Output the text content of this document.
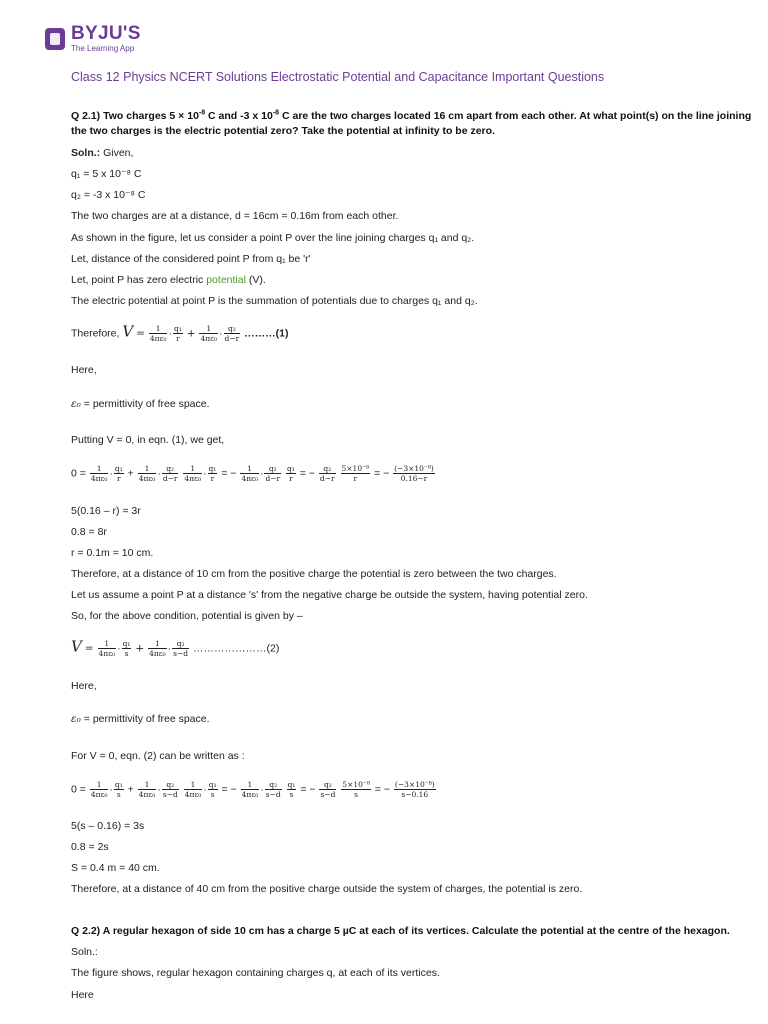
BYJU'S
The Learning App
Class 12 Physics NCERT Solutions Electrostatic Potential and Capacitance Important Questions
Q 2.1) Two charges $5 \times 10^{-8}$ C and -3 x $10^{-8}$ C are the two charges located 16 cm apart from each other. At what point(s) on the line joining
the two charges is the electric potential zero? Take the potential at infinity to be zero.
Soln.: Given,
q₁ = 5 x 10⁻⁸ C
q₂ = -3 x 10⁻⁸ C
The two charges are at a distance, d = 16cm = 0.16m from each other.
As shown in the figure, let us consider a point P over the line joining charges q₁ and q₂.
Let, distance of the considered point P from q₁ be 'r'
Let, point P has zero electric potential (V).
The electric potential at point P is the summation of potentials due to charges q₁ and q₂.
Therefore, $V = \frac{1}{\text{4πε₀}} \cdot \frac{\text{q₁}}{r} + \frac{1}{\text{4πε₀}} \cdot \frac{\text{q₂}}{d-r}$ ………(1)
Here,
ε₀ = permittivity of free space.
Putting V = 0, in eqn. (1), we get,
$0 = \frac{1}{\text{4πε₀}} \cdot \frac{\text{q₁}}{r} + \frac{1}{\text{4πε₀}} \cdot \frac{\text{q₂}}{d-r}$
$\frac{1}{\text{4πε₀}} \cdot \frac{\text{q₁}}{r}$ = − $\frac{1}{\text{4πε₀}} \cdot \frac{\text{q₂}}{d-r}$
$\frac{\text{q₁}}{r}$ = − $\frac{\text{q₂}}{d-r}$
$\frac{\text{5×10⁻⁸}}{r}$ = − $\frac{\text{(−3×10⁻⁸)}}{0.16-r}$
5(0.16 – r) = 3r
0.8 = 8r
r = 0.1m = 10 cm.
Therefore, at a distance of 10 cm from the positive charge the potential is zero between the two charges.
Let us assume a point P at a distance 's' from the negative charge be outside the system, having potential zero.
So, for the above condition, potential is given by –
$V = \frac{1}{\text{4πε₀}} \cdot \frac{\text{q₁}}{s} + \frac{1}{\text{4πε₀}} \cdot \frac{\text{q₂}}{s-d}$ …………………(2)
Here,
ε₀ = permittivity of free space.
For V = 0, eqn. (2) can be written as :
$0 = \frac{1}{\text{4πε₀}} \cdot \frac{\text{q₁}}{s} + \frac{1}{\text{4πε₀}} \cdot \frac{\text{q₂}}{s-d}$
$\frac{1}{\text{4πε₀}} \cdot \frac{\text{q₁}}{s}$ = − $\frac{1}{\text{4πε₀}} \cdot \frac{\text{q₂}}{s-d}$
$\frac{\text{q₁}}{s}$ = − $\frac{\text{q₂}}{s-d}$
$\frac{\text{5×10⁻⁸}}{s}$ = − $\frac{\text{(−3×10⁻⁸)}}{s-0.16}$
5(s – 0.16) = 3s
0.8 = 2s
S = 0.4 m = 40 cm.
Therefore, at a distance of 40 cm from the positive charge outside the system of charges, the potential is zero.
Q 2.2) A regular hexagon of side 10 cm has a charge 5 µC at each of its vertices. Calculate the potential at the centre of the hexagon.
Soln.:
The figure shows, regular hexagon containing charges q, at each of its vertices.
Here
